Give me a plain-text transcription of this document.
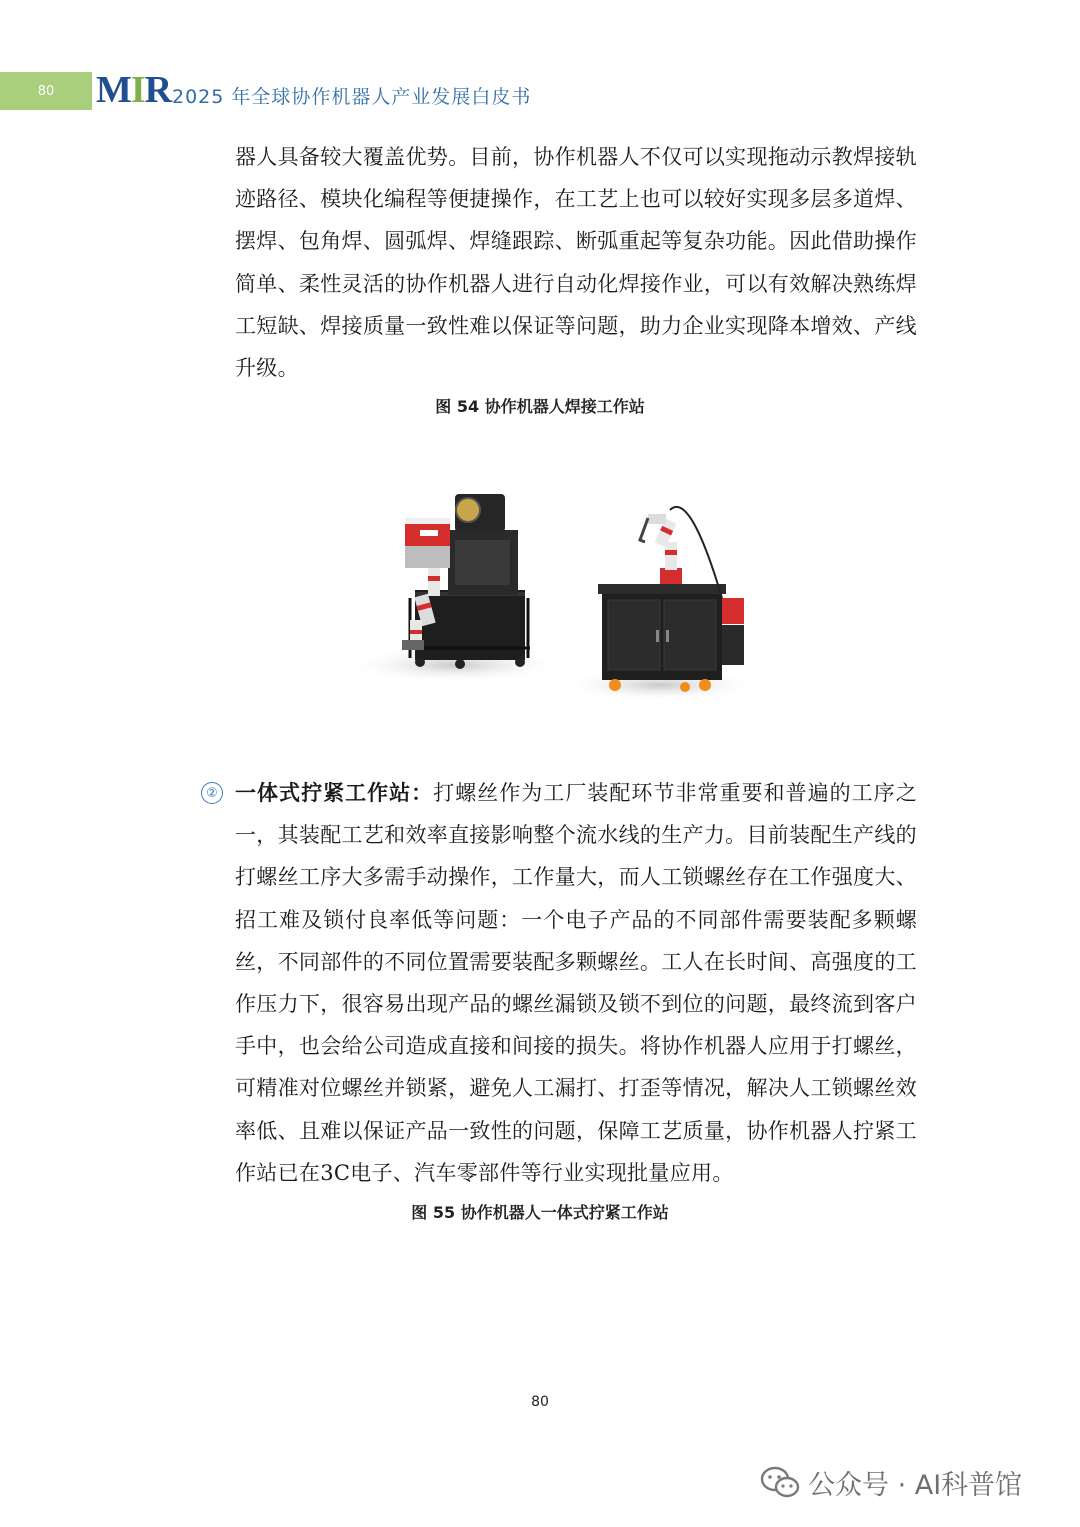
80	MIR 2025 年全球协作机器人产业发展白皮书
器人具备较大覆盖优势。目前，协作机器人不仅可以实现拖动示教焊接轨迹路径、模块化编程等便捷操作，在工艺上也可以较好实现多层多道焊、摆焊、包角焊、圆弧焊、焊缝跟踪、断弧重起等复杂功能。因此借助操作简单、柔性灵活的协作机器人进行自动化焊接作业，可以有效解决熟练焊工短缺、焊接质量一致性难以保证等问题，助力企业实现降本增效、产线升级。
图 54 协作机器人焊接工作站
② 一体式拧紧工作站：打螺丝作为工厂装配环节非常重要和普遍的工序之一，其装配工艺和效率直接影响整个流水线的生产力。目前装配生产线的打螺丝工序大多需手动操作，工作量大，而人工锁螺丝存在工作强度大、招工难及锁付良率低等问题：一个电子产品的不同部件需要装配多颗螺丝，不同部件的不同位置需要装配多颗螺丝。工人在长时间、高强度的工作压力下，很容易出现产品的螺丝漏锁及锁不到位的问题，最终流到客户手中，也会给公司造成直接和间接的损失。将协作机器人应用于打螺丝，可精准对位螺丝并锁紧，避免人工漏打、打歪等情况，解决人工锁螺丝效率低、且难以保证产品一致性的问题，保障工艺质量，协作机器人拧紧工作站已在3C电子、汽车零部件等行业实现批量应用。
图 55 协作机器人一体式拧紧工作站
80
公众号 · AI科普馆
